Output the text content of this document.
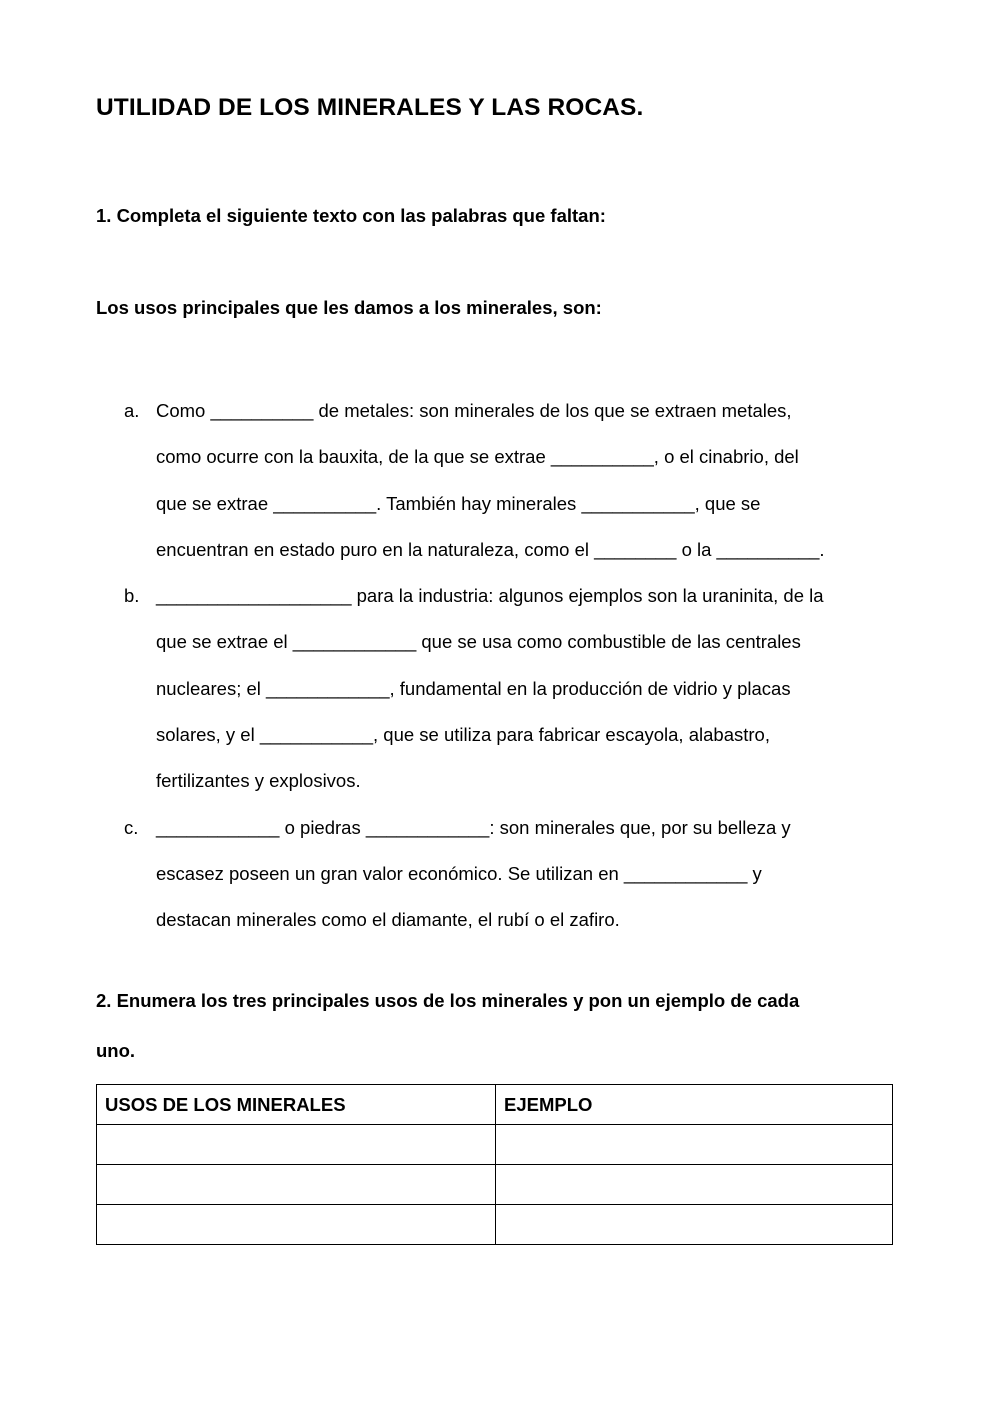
UTILIDAD DE LOS MINERALES Y LAS ROCAS.
1. Completa el siguiente texto con las palabras que faltan:

Los usos principales que les damos a los minerales, son:

a. Como __________ de metales: son minerales de los que se extraen metales,
como ocurre con la bauxita, de la que se extrae __________, o el cinabrio, del
que se extrae __________. También hay minerales ___________, que se
encuentran en estado puro en la naturaleza, como el ________ o la __________.
b. ___________________ para la industria: algunos ejemplos son la uraninita, de la
que se extrae el ____________ que se usa como combustible de las centrales
nucleares; el ____________, fundamental en la producción de vidrio y placas
solares, y el ___________, que se utiliza para fabricar escayola, alabastro,
fertilizantes y explosivos.
c. ____________ o piedras ____________: son minerales que, por su belleza y
escasez poseen un gran valor económico. Se utilizan en ____________ y
destacan minerales como el diamante, el rubí o el zafiro.
2. Enumera los tres principales usos de los minerales y pon un ejemplo de cada

uno.

USOS DE LOS MINERALES	EJEMPLO
